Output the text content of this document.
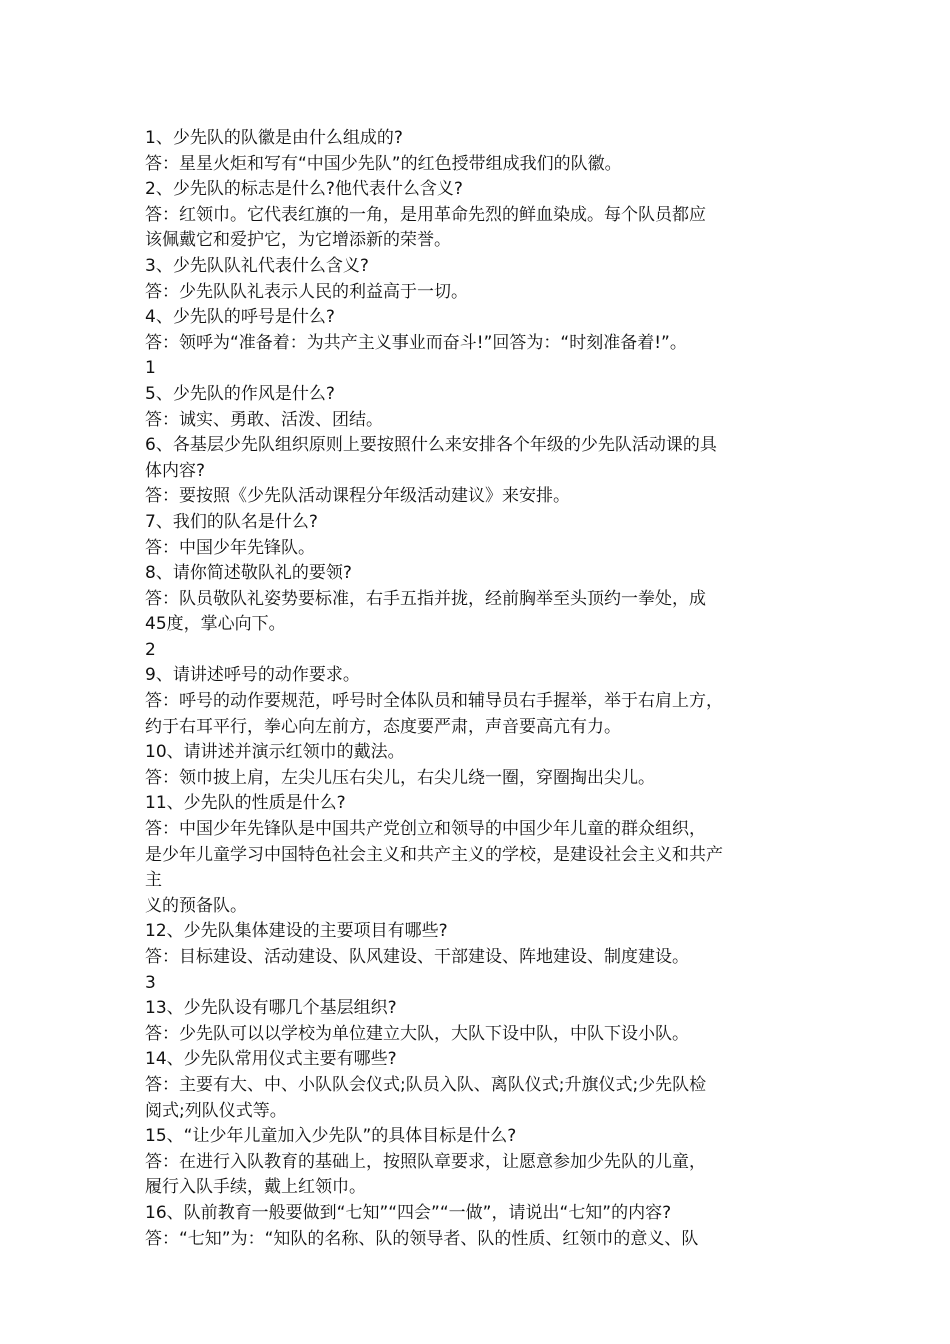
1、少先队的队徽是由什么组成的?
答：星星火炬和写有“中国少先队”的红色授带组成我们的队徽。
2、少先队的标志是什么?他代表什么含义?
答：红领巾。它代表红旗的一角，是用革命先烈的鲜血染成。每个队员都应
该佩戴它和爱护它，为它增添新的荣誉。
3、少先队队礼代表什么含义?
答：少先队队礼表示人民的利益高于一切。
4、少先队的呼号是什么?
答：领呼为“准备着：为共产主义事业而奋斗!”回答为：“时刻准备着!”。
1
5、少先队的作风是什么?
答：诚实、勇敢、活泼、团结。
6、各基层少先队组织原则上要按照什么来安排各个年级的少先队活动课的具
体内容?
答：要按照《少先队活动课程分年级活动建议》来安排。
7、我们的队名是什么?
答：中国少年先锋队。
8、请你简述敬队礼的要领?
答：队员敬队礼姿势要标准，右手五指并拢，经前胸举至头顶约一拳处，成
45度，掌心向下。
2
9、请讲述呼号的动作要求。
答：呼号的动作要规范，呼号时全体队员和辅导员右手握举，举于右肩上方，
约于右耳平行，拳心向左前方，态度要严肃，声音要高亢有力。
10、请讲述并演示红领巾的戴法。
答：领巾披上肩，左尖儿压右尖儿，右尖儿绕一圈，穿圈掏出尖儿。
11、少先队的性质是什么?
答：中国少年先锋队是中国共产党创立和领导的中国少年儿童的群众组织，
是少年儿童学习中国特色社会主义和共产主义的学校，是建设社会主义和共产
主
义的预备队。
12、少先队集体建设的主要项目有哪些?
答：目标建设、活动建设、队风建设、干部建设、阵地建设、制度建设。
3
13、少先队设有哪几个基层组织?
答：少先队可以以学校为单位建立大队，大队下设中队，中队下设小队。
14、少先队常用仪式主要有哪些?
答：主要有大、中、小队队会仪式;队员入队、离队仪式;升旗仪式;少先队检
阅式;列队仪式等。
15、“让少年儿童加入少先队”的具体目标是什么?
答：在进行入队教育的基础上，按照队章要求，让愿意参加少先队的儿童，
履行入队手续，戴上红领巾。
16、队前教育一般要做到“七知”“四会”“一做”，请说出“七知”的内容?
答：“七知”为：“知队的名称、队的领导者、队的性质、红领巾的意义、队
